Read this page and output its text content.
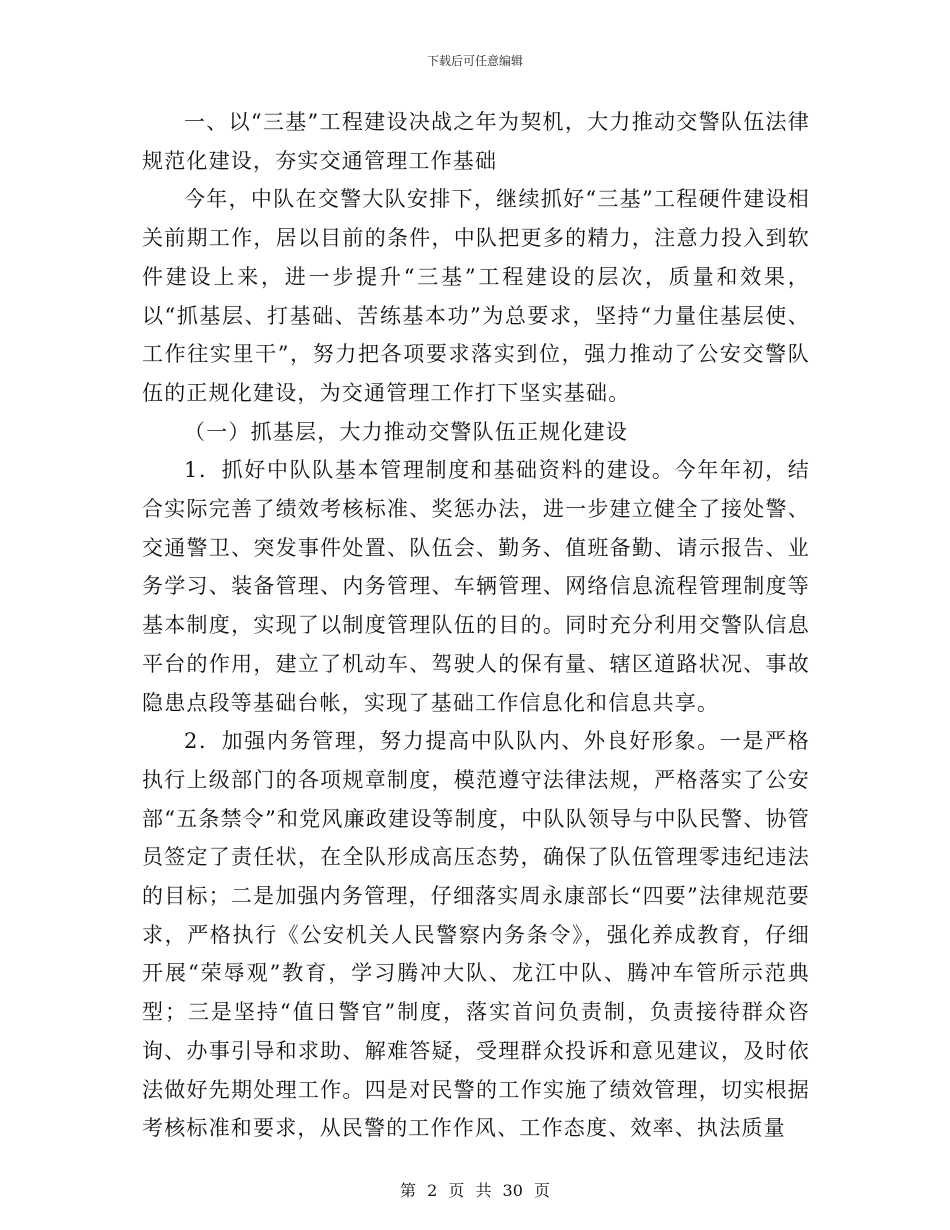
下载后可任意编辑

一、以“三基”工程建设决战之年为契机，大力推动交警队伍法律规范化建设，夯实交通管理工作基础

今年，中队在交警大队安排下，继续抓好“三基”工程硬件建设相关前期工作，居以目前的条件，中队把更多的精力，注意力投入到软件建设上来，进一步提升“三基”工程建设的层次，质量和效果，以“抓基层、打基础、苦练基本功”为总要求，坚持“力量住基层使、工作往实里干”，努力把各项要求落实到位，强力推动了公安交警队伍的正规化建设，为交通管理工作打下坚实基础。

（一）抓基层，大力推动交警队伍正规化建设

1．抓好中队队基本管理制度和基础资料的建设。今年年初，结合实际完善了绩效考核标准、奖惩办法，进一步建立健全了接处警、交通警卫、突发事件处置、队伍会、勤务、值班备勤、请示报告、业务学习、装备管理、内务管理、车辆管理、网络信息流程管理制度等基本制度，实现了以制度管理队伍的目的。同时充分利用交警队信息平台的作用，建立了机动车、驾驶人的保有量、辖区道路状况、事故隐患点段等基础台帐，实现了基础工作信息化和信息共享。

2．加强内务管理，努力提高中队队内、外良好形象。一是严格执行上级部门的各项规章制度，模范遵守法律法规，严格落实了公安部“五条禁令”和党风廉政建设等制度，中队队领导与中队民警、协管员签定了责任状，在全队形成高压态势，确保了队伍管理零违纪违法的目标；二是加强内务管理，仔细落实周永康部长“四要”法律规范要求，严格执行《公安机关人民警察内务条令》，强化养成教育，仔细开展“荣辱观”教育，学习腾冲大队、龙江中队、腾冲车管所示范典型；三是坚持“值日警官”制度，落实首问负责制，负责接待群众咨询、办事引导和求助、解难答疑，受理群众投诉和意见建议，及时依法做好先期处理工作。四是对民警的工作实施了绩效管理，切实根据考核标准和要求，从民警的工作作风、工作态度、效率、执法质量

第 2 页 共 30 页
